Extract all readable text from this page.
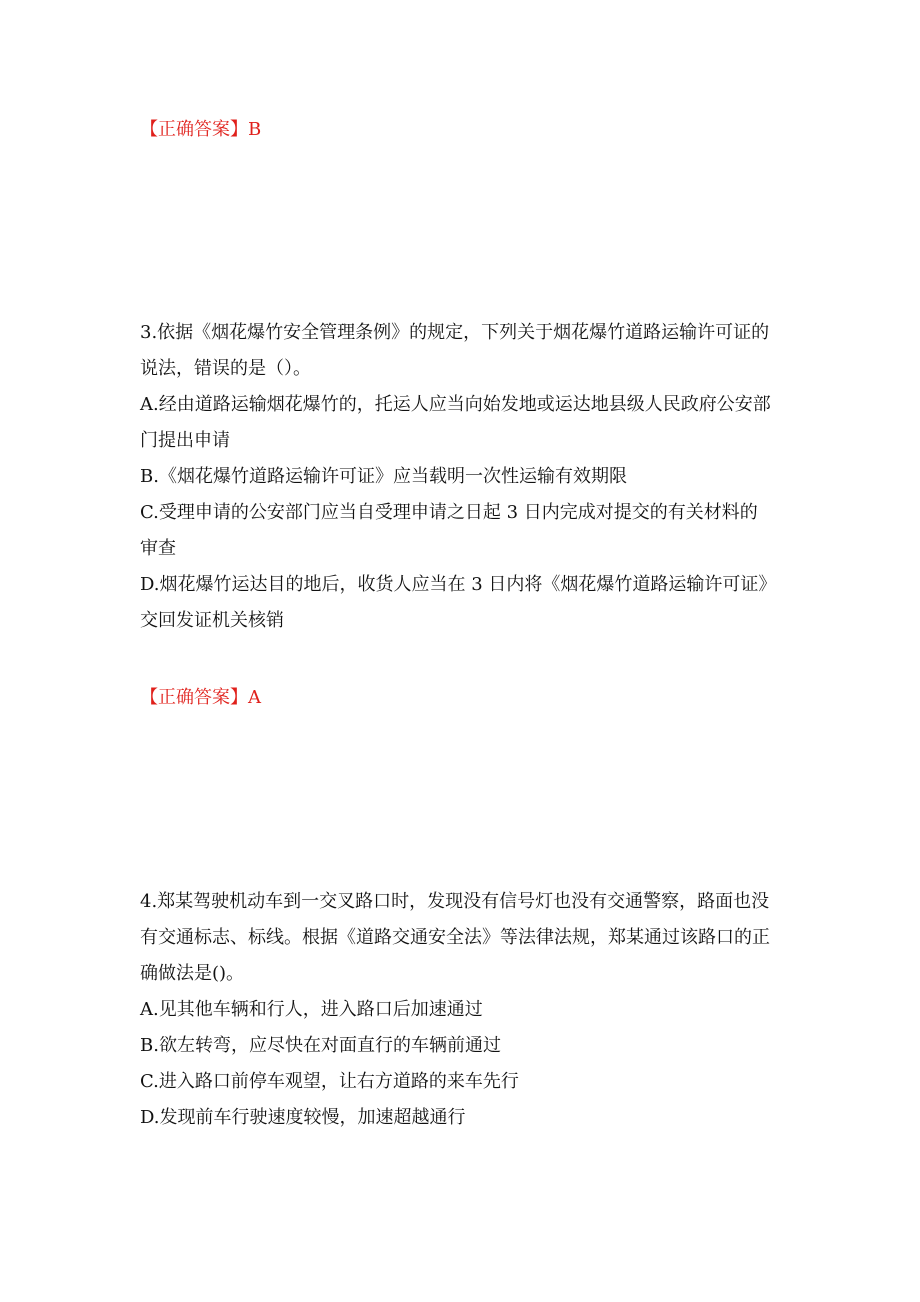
【正确答案】B
3.依据《烟花爆竹安全管理条例》的规定，下列关于烟花爆竹道路运输许可证的
说法，错误的是（）。
A.经由道路运输烟花爆竹的，托运人应当向始发地或运达地县级人民政府公安部
门提出申请
B.《烟花爆竹道路运输许可证》应当载明一次性运输有效期限
C.受理申请的公安部门应当自受理申请之日起 3 日内完成对提交的有关材料的
审查
D.烟花爆竹运达目的地后，收货人应当在 3 日内将《烟花爆竹道路运输许可证》
交回发证机关核销
【正确答案】A
4.郑某驾驶机动车到一交叉路口时，发现没有信号灯也没有交通警察，路面也没
有交通标志、标线。根据《道路交通安全法》等法律法规，郑某通过该路口的正
确做法是()。
A.见其他车辆和行人，进入路口后加速通过
B.欲左转弯，应尽快在对面直行的车辆前通过
C.进入路口前停车观望，让右方道路的来车先行
D.发现前车行驶速度较慢，加速超越通行
